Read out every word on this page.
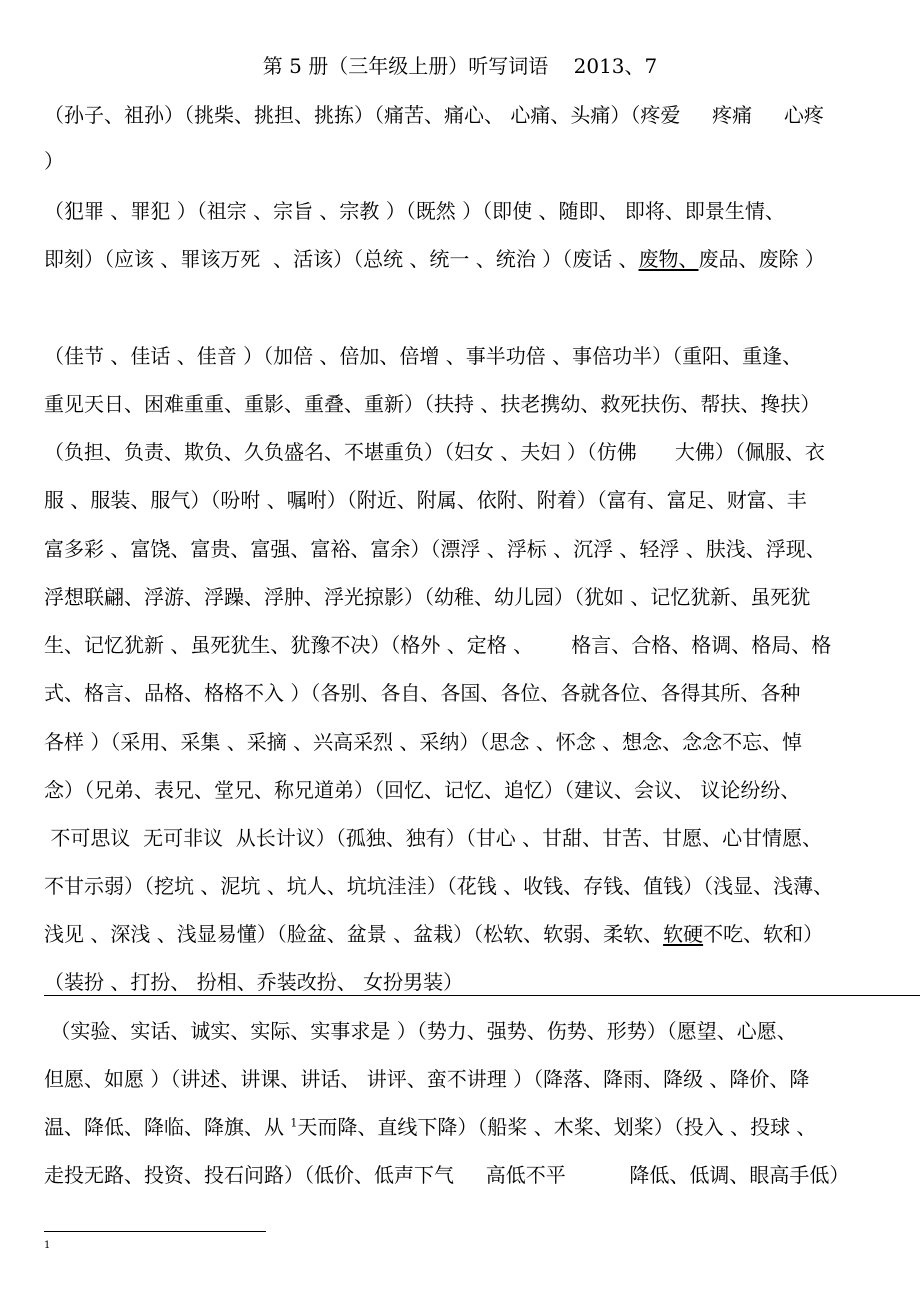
第 5 册（三年级上册）听写词语    2013、7
（孙子、祖孙）（挑柴、挑担、挑拣）（痛苦、痛心、 心痛、头痛）（疼爱     疼痛     心疼
）
（犯罪 、罪犯 ）（祖宗 、宗旨 、宗教 ）（既然 ）（即使 、随即、 即将、即景生情、
即刻）（应该 、罪该万死  、活该）（总统 、统一 、统治 ）（废话 、废物、废品、废除 ）
（佳节 、佳话 、佳音 ）（加倍 、倍加、倍增 、事半功倍 、事倍功半）（重阳、重逢、
重见天日、困难重重、重影、重叠、重新）（扶持 、扶老携幼、救死扶伤、帮扶、搀扶）
（负担、负责、欺负、久负盛名、不堪重负）（妇女 、夫妇 ）（仿佛      大佛）（佩服、衣
服 、服装、服气）（吩咐 、嘱咐）（附近、附属、依附、附着）（富有、富足、财富、丰
富多彩 、富饶、富贵、富强、富裕、富余）（漂浮 、浮标 、沉浮 、轻浮 、肤浅、浮现、
浮想联翩、浮游、浮躁、浮肿、浮光掠影）（幼稚、幼儿园）（犹如 、记忆犹新、虽死犹
生、记忆犹新 、虽死犹生、犹豫不决）（格外 、定格 、      格言、合格、格调、格局、格
式、格言、品格、格格不入 ）（各别、各自、各国、各位、各就各位、各得其所、各种
各样 ）（采用、采集 、采摘 、兴高采烈 、采纳）（思念 、怀念 、想念、念念不忘、悼
念）（兄弟、表兄、堂兄、称兄道弟）（回忆、记忆、追忆）（建议、会议、 议论纷纷、
不可思议  无可非议  从长计议）（孤独、独有）（甘心 、甘甜、甘苦、甘愿、心甘情愿、
不甘示弱）（挖坑 、泥坑 、坑人、坑坑洼洼）（花钱 、收钱、存钱、值钱）（浅显、浅薄、
浅见 、深浅 、浅显易懂）（脸盆、盆景 、盆栽）（松软、软弱、柔软、软硬不吃、软和）
（装扮 、打扮、 扮相、乔装改扮、 女扮男装）
（实验、实话、诚实、实际、实事求是 ）（势力、强势、伤势、形势）（愿望、心愿、
但愿、如愿 ）（讲述、讲课、讲话、 讲评、蛮不讲理 ）（降落、降雨、降级 、降价、降
温、降低、降临、降旗、从 $^1$天而降、直线下降）（船桨 、木桨、划桨）（投入 、投球 、
走投无路、投资、投石问路）（低价、低声下气     高低不平          降低、低调、眼高手低）
1
